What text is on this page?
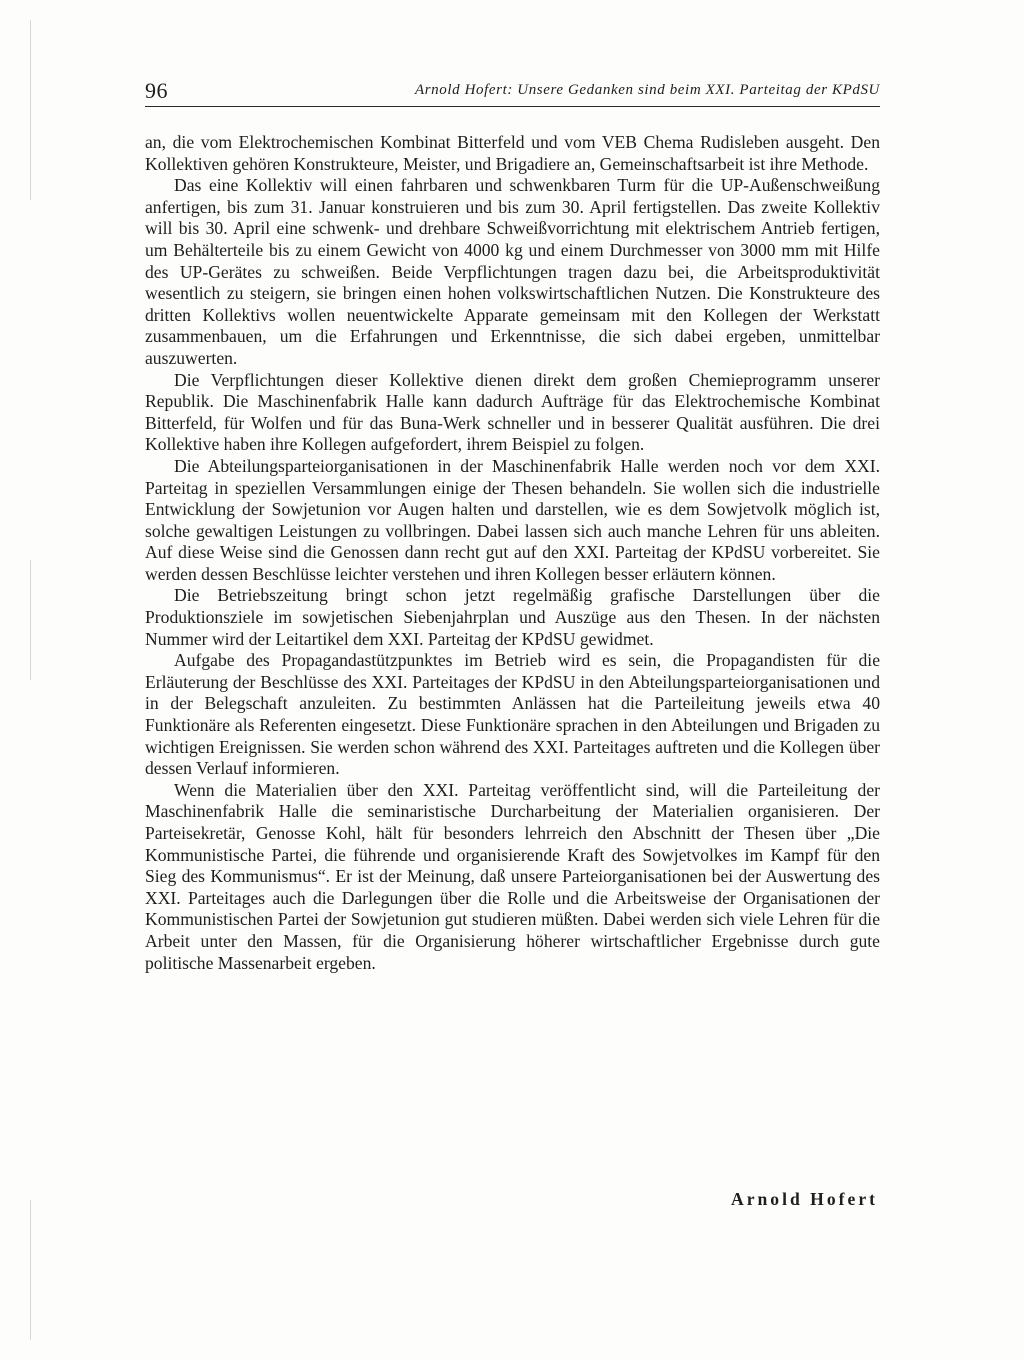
96	Arnold Hofert: Unsere Gedanken sind beim XXI. Parteitag der KPdSU

an, die vom Elektrochemischen Kombinat Bitterfeld und vom VEB Chema Rudisleben ausgeht. Den Kollektiven gehören Konstrukteure, Meister, und Brigadiere an, Gemeinschaftsarbeit ist ihre Methode.

Das eine Kollektiv will einen fahrbaren und schwenkbaren Turm für die UP-Außenschweißung anfertigen, bis zum 31. Januar konstruieren und bis zum 30. April fertigstellen. Das zweite Kollektiv will bis 30. April eine schwenk- und drehbare Schweißvorrichtung mit elektrischem Antrieb fertigen, um Behälterteile bis zu einem Gewicht von 4000 kg und einem Durchmesser von 3000 mm mit Hilfe des UP-Gerätes zu schweißen. Beide Verpflichtungen tragen dazu bei, die Arbeitsproduktivität wesentlich zu steigern, sie bringen einen hohen volkswirtschaftlichen Nutzen. Die Konstrukteure des dritten Kollektivs wollen neuentwickelte Apparate gemeinsam mit den Kollegen der Werkstatt zusammenbauen, um die Erfahrungen und Erkenntnisse, die sich dabei ergeben, unmittelbar auszuwerten.

Die Verpflichtungen dieser Kollektive dienen direkt dem großen Chemieprogramm unserer Republik. Die Maschinenfabrik Halle kann dadurch Aufträge für das Elektrochemische Kombinat Bitterfeld, für Wolfen und für das Buna-Werk schneller und in besserer Qualität ausführen. Die drei Kollektive haben ihre Kollegen aufgefordert, ihrem Beispiel zu folgen.

Die Abteilungsparteiorganisationen in der Maschinenfabrik Halle werden noch vor dem XXI. Parteitag in speziellen Versammlungen einige der Thesen behandeln. Sie wollen sich die industrielle Entwicklung der Sowjetunion vor Augen halten und darstellen, wie es dem Sowjetvolk möglich ist, solche gewaltigen Leistungen zu vollbringen. Dabei lassen sich auch manche Lehren für uns ableiten. Auf diese Weise sind die Genossen dann recht gut auf den XXI. Parteitag der KPdSU vorbereitet. Sie werden dessen Beschlüsse leichter verstehen und ihren Kollegen besser erläutern können.

Die Betriebszeitung bringt schon jetzt regelmäßig grafische Darstellungen über die Produktionsziele im sowjetischen Siebenjahrplan und Auszüge aus den Thesen. In der nächsten Nummer wird der Leitartikel dem XXI. Parteitag der KPdSU gewidmet.

Aufgabe des Propagandastützpunktes im Betrieb wird es sein, die Propagandisten für die Erläuterung der Beschlüsse des XXI. Parteitages der KPdSU in den Abteilungsparteiorganisationen und in der Belegschaft anzuleiten. Zu bestimmten Anlässen hat die Parteileitung jeweils etwa 40 Funktionäre als Referenten eingesetzt. Diese Funktionäre sprachen in den Abteilungen und Brigaden zu wichtigen Ereignissen. Sie werden schon während des XXI. Parteitages auftreten und die Kollegen über dessen Verlauf informieren.

Wenn die Materialien über den XXI. Parteitag veröffentlicht sind, will die Parteileitung der Maschinenfabrik Halle die seminaristische Durcharbeitung der Materialien organisieren. Der Parteisekretär, Genosse Kohl, hält für besonders lehrreich den Abschnitt der Thesen über „Die Kommunistische Partei, die führende und organisierende Kraft des Sowjetvolkes im Kampf für den Sieg des Kommunismus“. Er ist der Meinung, daß unsere Parteiorganisationen bei der Auswertung des XXI. Parteitages auch die Darlegungen über die Rolle und die Arbeitsweise der Organisationen der Kommunistischen Partei der Sowjetunion gut studieren müßten. Dabei werden sich viele Lehren für die Arbeit unter den Massen, für die Organisierung höherer wirtschaftlicher Ergebnisse durch gute politische Massenarbeit ergeben.

Arnold Hofert
